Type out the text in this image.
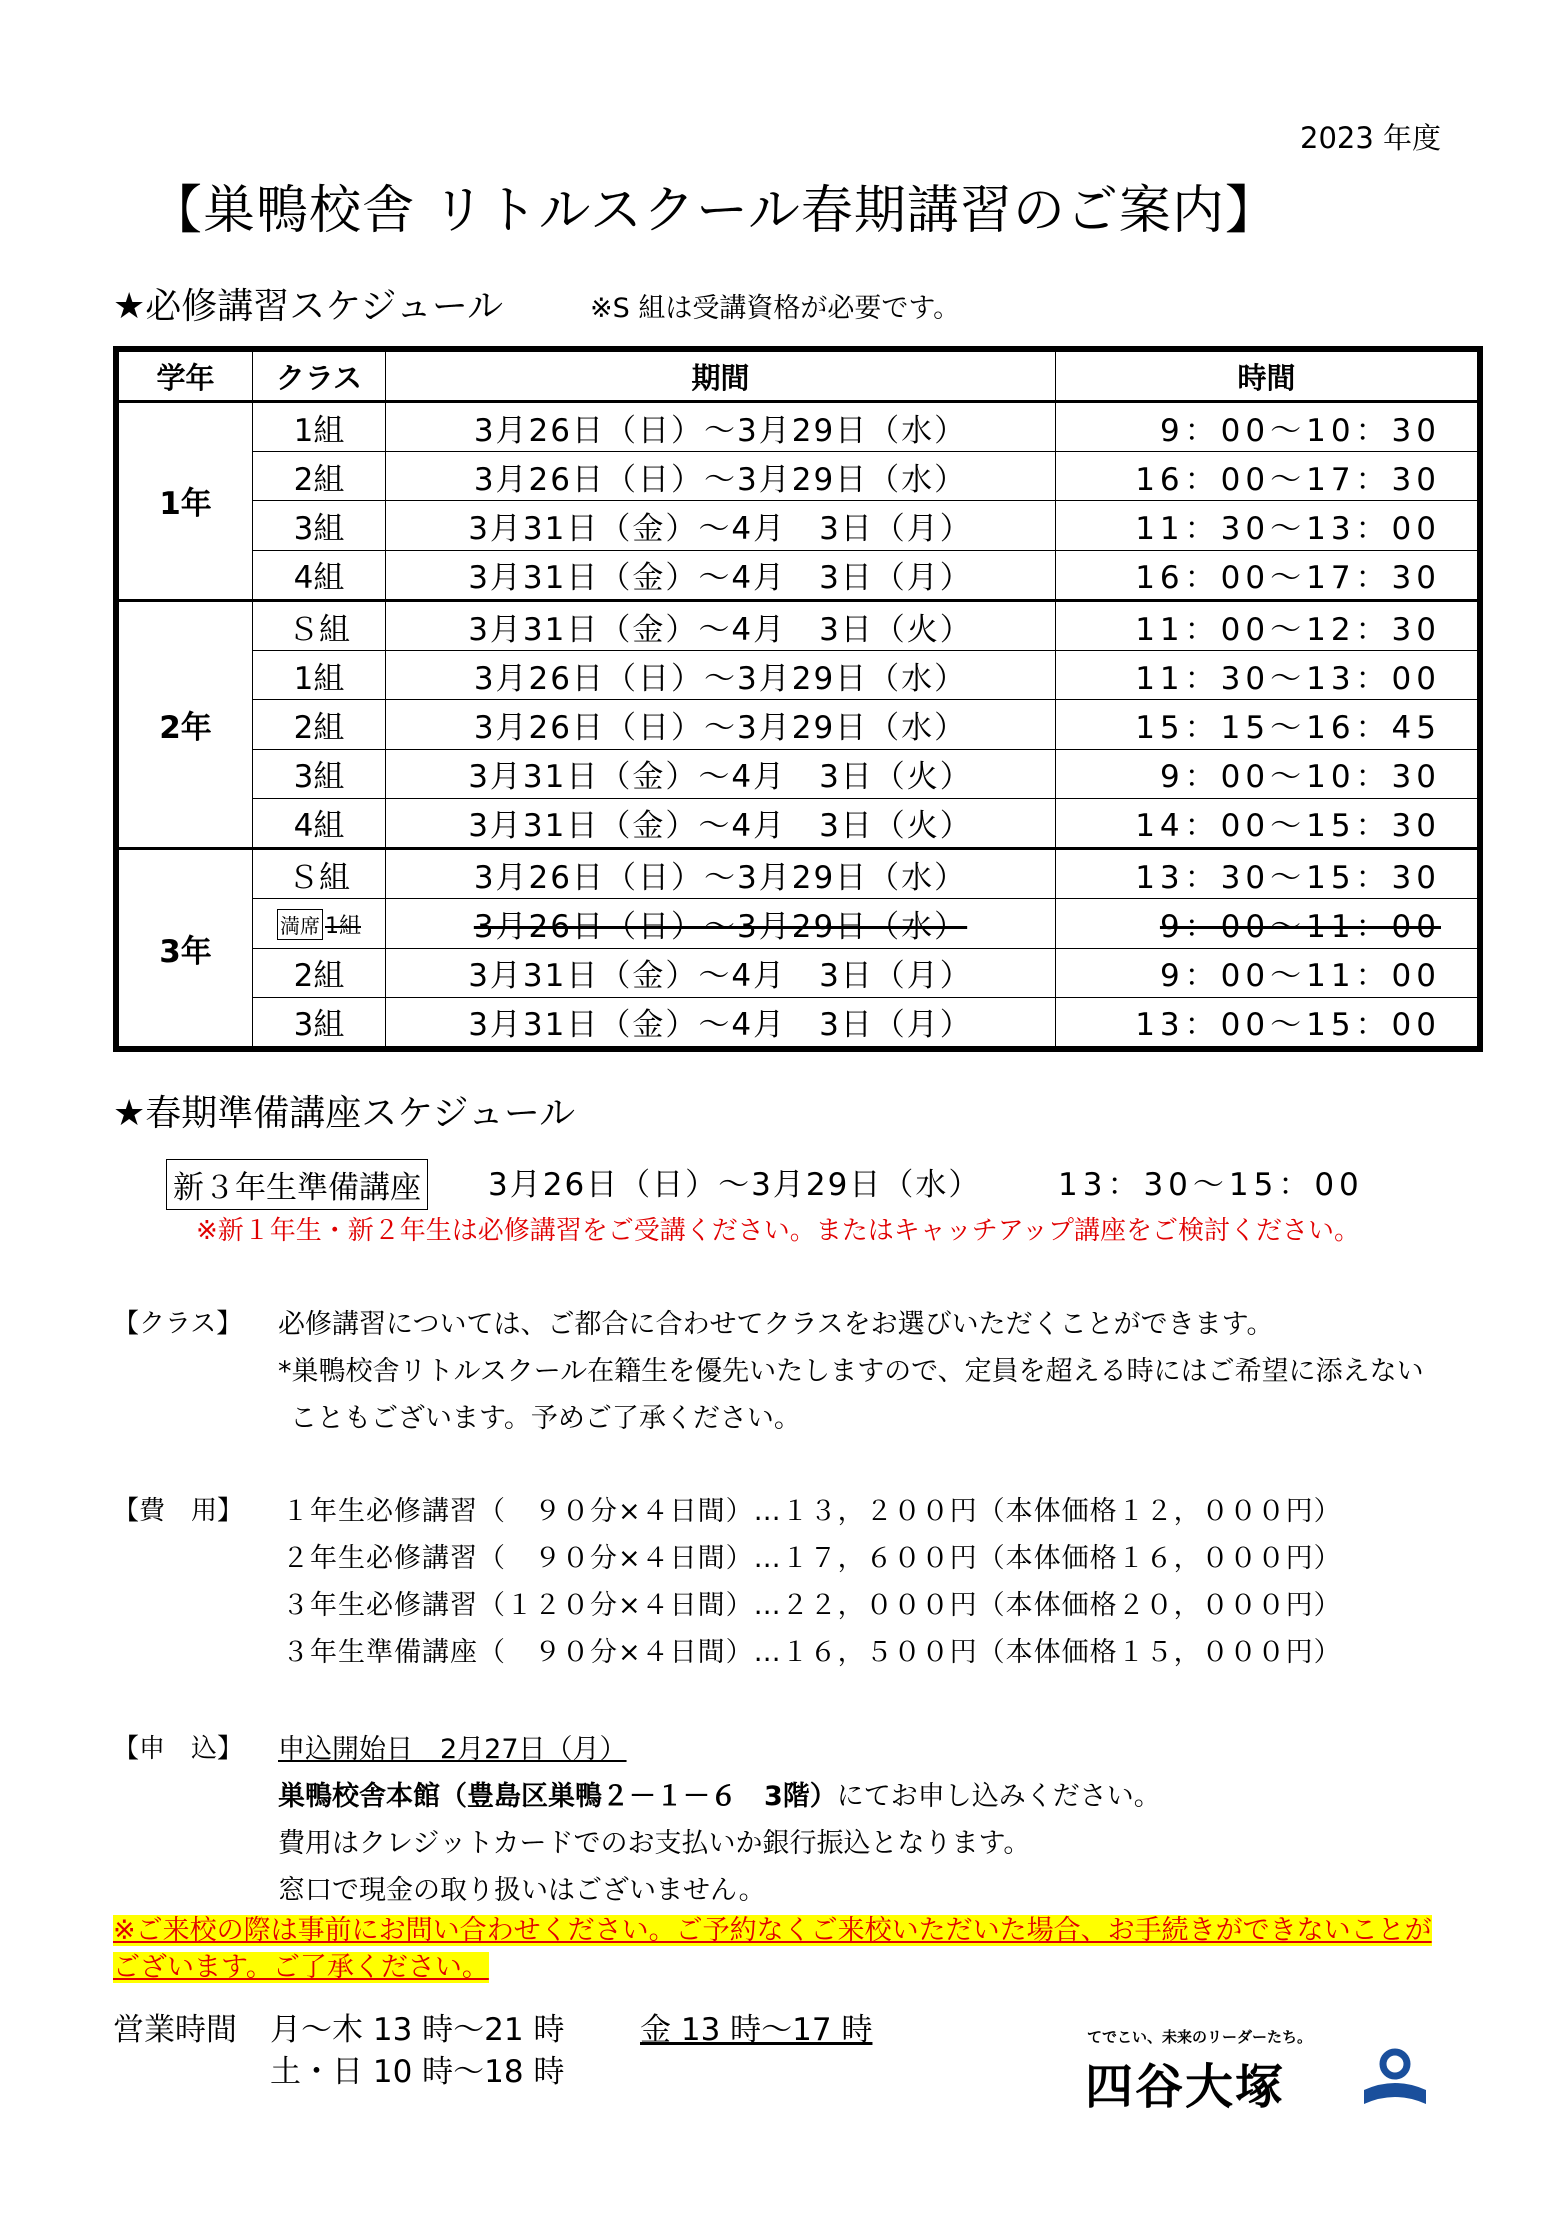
2023 年度
【巣鴨校舎 リトルスクール春期講習のご案内】
★必修講習スケジュール	※S 組は受講資格が必要です。
学年	クラス	期間	時間
1年	1組	3月26日（日）～3月29日（水）	9：00～10：30
	2組	3月26日（日）～3月29日（水）	16：00～17：30
	3組	3月31日（金）～4月　3日（月）	11：30～13：00
	4組	3月31日（金）～4月　3日（月）	16：00～17：30
2年	Ｓ組	3月31日（金）～4月　3日（火）	11：00～12：30
	1組	3月26日（日）～3月29日（水）	11：30～13：00
	2組	3月26日（日）～3月29日（水）	15：15～16：45
	3組	3月31日（金）～4月　3日（火）	9：00～10：30
	4組	3月31日（金）～4月　3日（火）	14：00～15：30
3年	Ｓ組	3月26日（日）～3月29日（水）	13：30～15：30
	満席 1組	3月26日（日）～3月29日（水）	9：00～11：00
	2組	3月31日（金）～4月　3日（月）	9：00～11：00
	3組	3月31日（金）～4月　3日（月）	13：00～15：00
★春期準備講座スケジュール
新３年生準備講座 3月26日（日）～3月29日（水） 13：30～15：00
※新１年生・新２年生は必修講習をご受講ください。またはキャッチアップ講座をご検討ください。
【クラス】 必修講習については、ご都合に合わせてクラスをお選びいただくことができます。
*巣鴨校舎リトルスクール在籍生を優先いたしますので、定員を超える時にはご希望に添えない
こともございます。予めご了承ください。
【費　用】 １年生必修講習（　９０分×４日間）…１３，２００円（本体価格１２，０００円）
２年生必修講習（　９０分×４日間）…１７，６００円（本体価格１６，０００円）
３年生必修講習（１２０分×４日間）…２２，０００円（本体価格２０，０００円）
３年生準備講座（　９０分×４日間）…１６，５００円（本体価格１５，０００円）
【申　込】 申込開始日　2月27日（月）
巣鴨校舎本館（豊島区巣鴨２－１－６　3階）にてお申し込みください。
費用はクレジットカードでのお支払いか銀行振込となります。
窓口で現金の取り扱いはございません。
※ご来校の際は事前にお問い合わせください。ご予約なくご来校いただいた場合、お手続きができないことがございます。ご了承ください。
営業時間 月～木 13 時～21 時 金 13 時～17 時
土・日 10 時～18 時
てでこい、未来のリーダーたち。
四谷大塚
